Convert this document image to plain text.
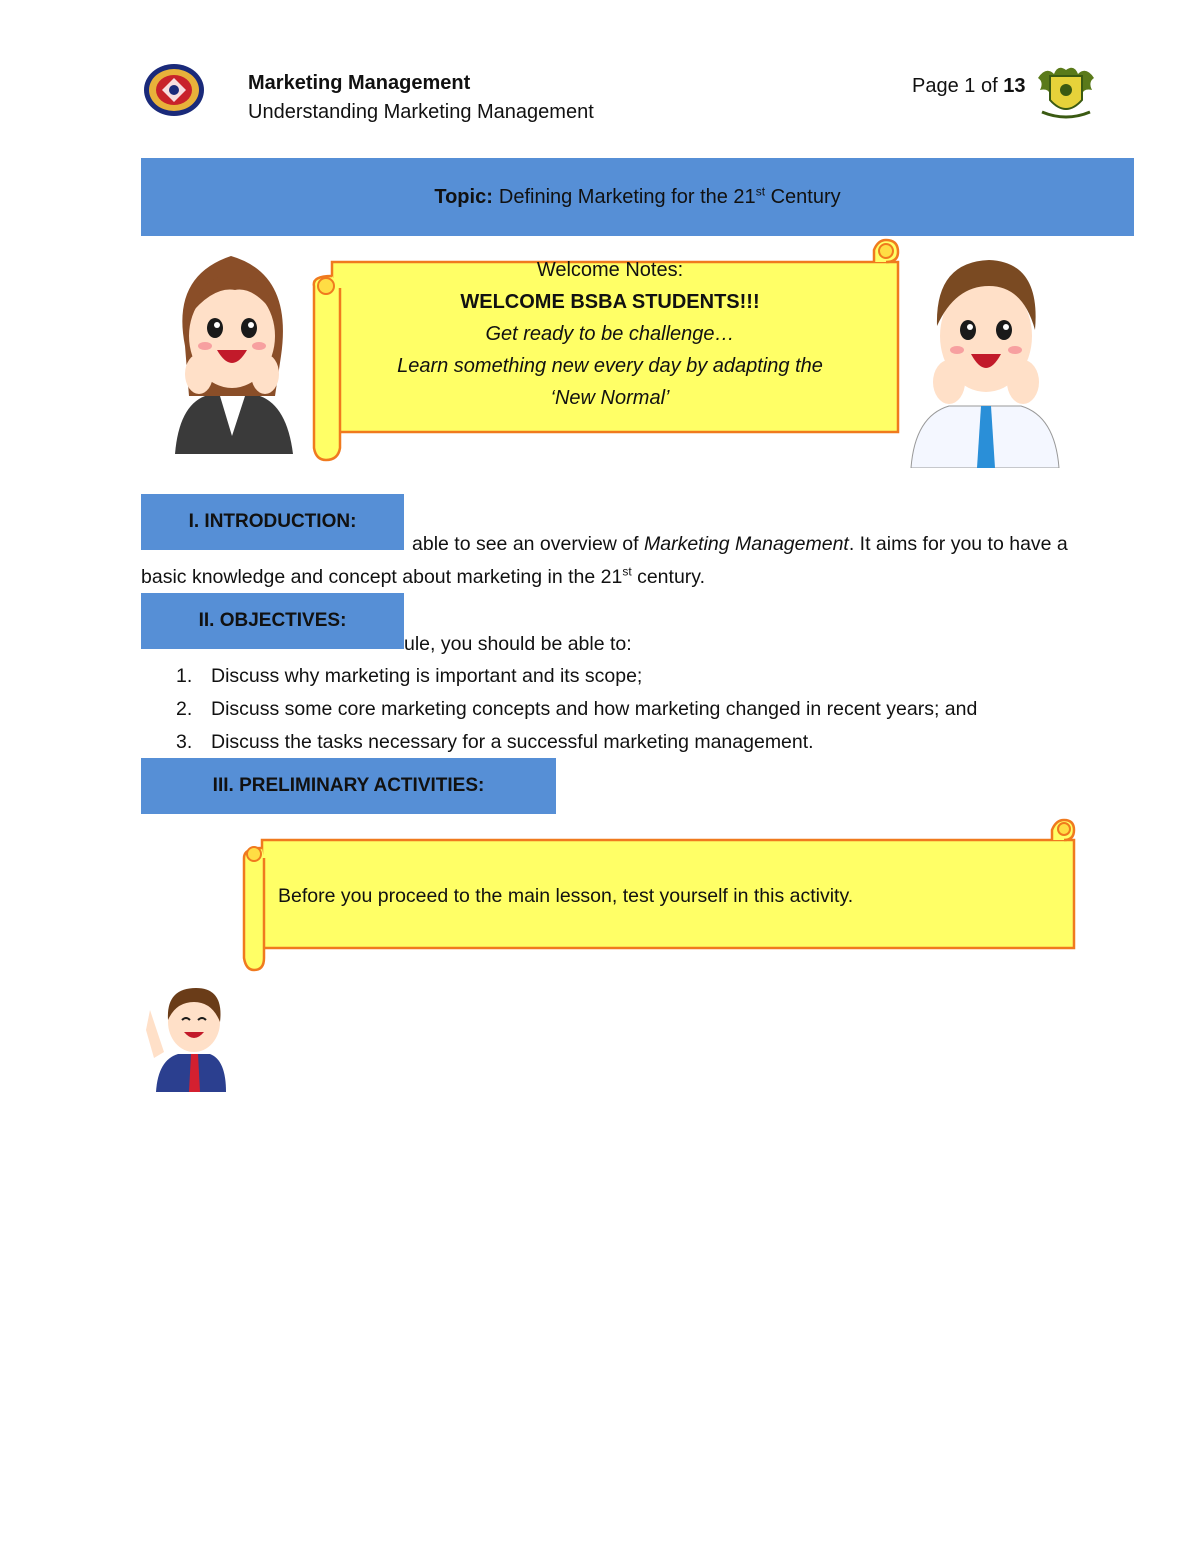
Marketing Management
Understanding Marketing Management
Page 1 of 13
Topic: Defining Marketing for the 21st Century
Welcome Notes:
WELCOME BSBA STUDENTS!!!
Get ready to be challenge…
Learn something new every day by adapting the
‘New Normal’
I. INTRODUCTION:
able to see an overview of Marketing Management. It aims for you to have a
basic knowledge and concept about marketing in the 21st century.
II. OBJECTIVES:
ule, you should be able to:
1. Discuss why marketing is important and its scope;
2. Discuss some core marketing concepts and how marketing changed in recent years; and
3. Discuss the tasks necessary for a successful marketing management.
III. PRELIMINARY ACTIVITIES:
Before you proceed to the main lesson, test yourself in this activity.
